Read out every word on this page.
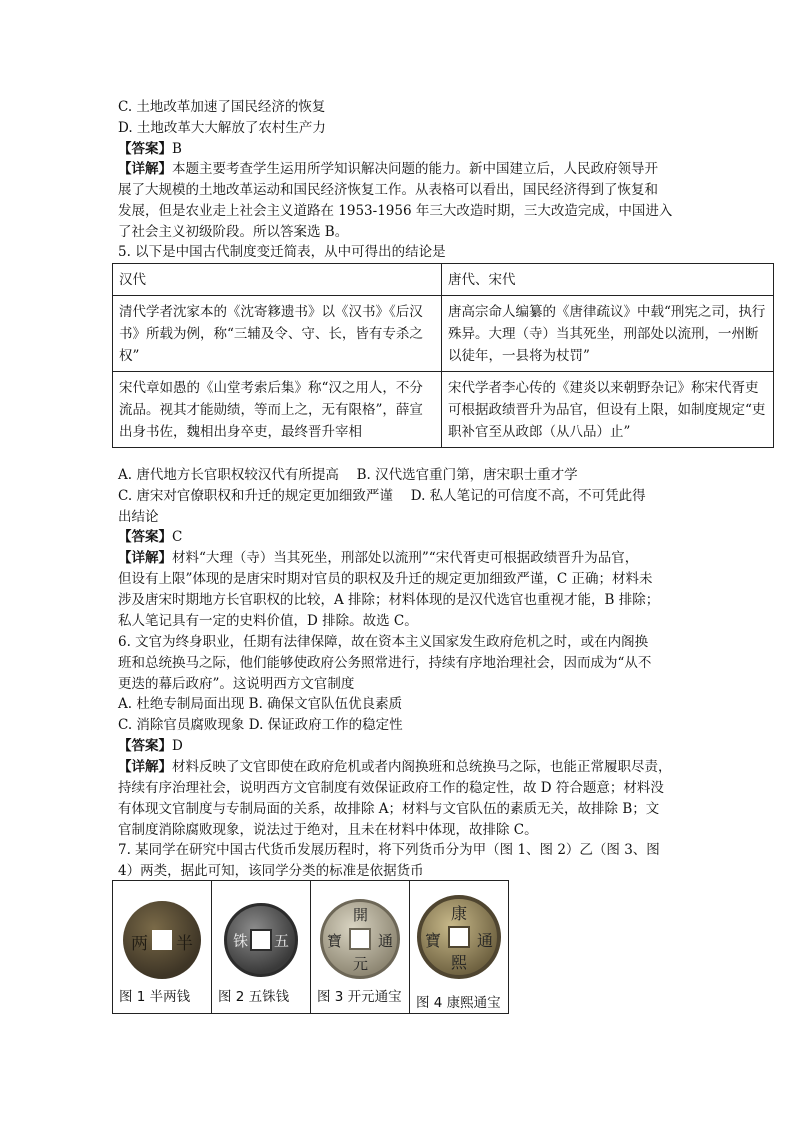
C. 土地改革加速了国民经济的恢复
D. 土地改革大大解放了农村生产力
【答案】B
【详解】本题主要考查学生运用所学知识解决问题的能力。新中国建立后，人民政府领导开
展了大规模的土地改革运动和国民经济恢复工作。从表格可以看出，国民经济得到了恢复和
发展，但是农业走上社会主义道路在 1953-1956 年三大改造时期，三大改造完成，中国进入
了社会主义初级阶段。所以答案选 B。
5. 以下是中国古代制度变迁简表，从中可得出的结论是
汉代	唐代、宋代
清代学者沈家本的《沈寄簃遗书》以《汉书》《后汉书》所载为例，称“三辅及令、守、长，皆有专杀之权”	唐高宗命人编纂的《唐律疏议》中载“刑宪之司，执行殊异。大理（寺）当其死坐，刑部处以流刑，一州断以徒年，一县将为杖罚”
宋代章如愚的《山堂考索后集》称“汉之用人，不分流品。视其才能勋绩，等而上之，无有限格”，薛宣出身书佐，魏相出身卒吏，最终晋升宰相	宋代学者李心传的《建炎以来朝野杂记》称宋代胥吏可根据政绩晋升为品官，但设有上限，如制度规定“吏职补官至从政郎（从八品）止”
A. 唐代地方长官职权较汉代有所提高　 B. 汉代选官重门第，唐宋职士重才学
C. 唐宋对官僚职权和升迁的规定更加细致严谨　 D. 私人笔记的可信度不高，不可凭此得
出结论
【答案】C
【详解】材料“大理（寺）当其死坐，刑部处以流刑”“宋代胥吏可根据政绩晋升为品官，
但设有上限”体现的是唐宋时期对官员的职权及升迁的规定更加细致严谨，C 正确；材料未
涉及唐宋时期地方长官职权的比较，A 排除；材料体现的是汉代选官也重视才能，B 排除；
私人笔记具有一定的史料价值，D 排除。故选 C。
6. 文官为终身职业，任期有法律保障，故在资本主义国家发生政府危机之时，或在内阁换
班和总统换马之际，他们能够使政府公务照常进行，持续有序地治理社会，因而成为“从不
更迭的幕后政府”。这说明西方文官制度
A. 杜绝专制局面出现 B. 确保文官队伍优良素质
C. 消除官员腐败现象 D. 保证政府工作的稳定性
【答案】D
【详解】材料反映了文官即使在政府危机或者内阁换班和总统换马之际，也能正常履职尽责，
持续有序治理社会，说明西方文官制度有效保证政府工作的稳定性，故 D 符合题意；材料没
有体现文官制度与专制局面的关系，故排除 A；材料与文官队伍的素质无关，故排除 B；文
官制度消除腐败现象，说法过于绝对，且未在材料中体现，故排除 C。
7. 某同学在研究中国古代货币发展历程时，将下列货币分为甲（图 1、图 2）乙（图 3、图
4）两类，据此可知，该同学分类的标准是依据货币
两 半
图 1 半两钱

铢 五
图 2 五铢钱

開
元
通
寶
图 3 开元通宝

康
熙
通
寶
图 4 康熙通宝
